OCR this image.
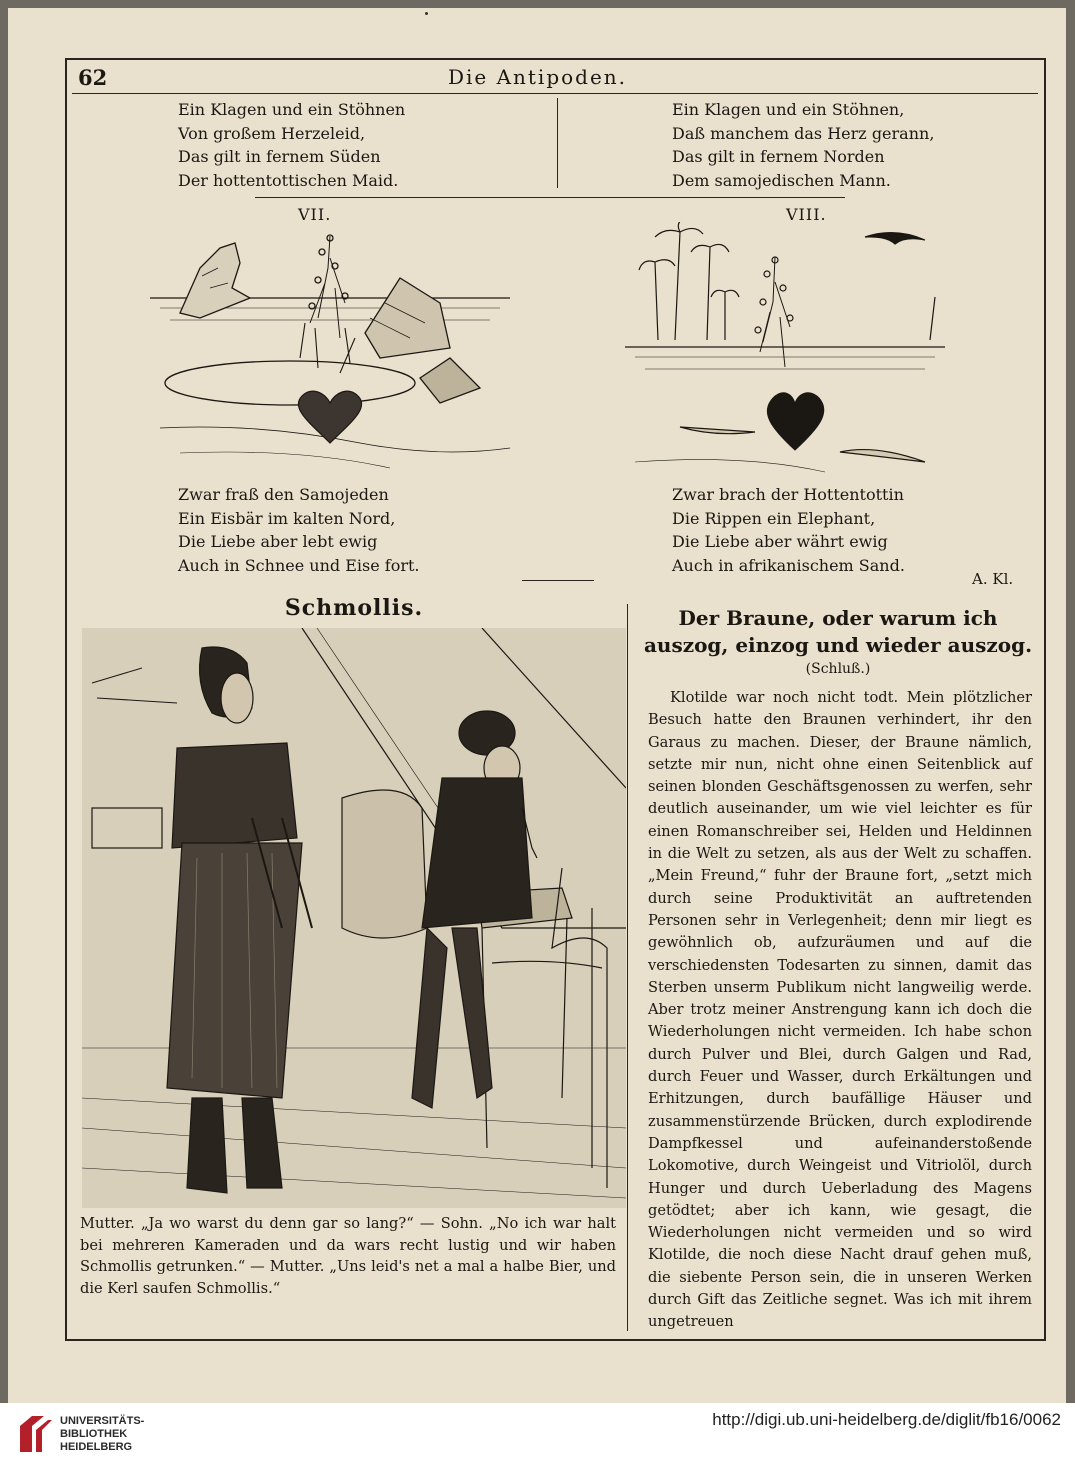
62	Die Antipoden.
Ein Klagen und ein Stöhnen
Von großem Herzeleid,
Das gilt in fernem Süden
Der hottentottischen Maid.
Ein Klagen und ein Stöhnen,
Daß manchem das Herz gerann,
Das gilt in fernem Norden
Dem samojedischen Mann.
VII.	VIII.
Zwar fraß den Samojeden
Ein Eisbär im kalten Nord,
Die Liebe aber lebt ewig
Auch in Schnee und Eise fort.
Zwar brach der Hottentottin
Die Rippen ein Elephant,
Die Liebe aber währt ewig
Auch in afrikanischem Sand.
A. Kl.
Schmollis.
Mutter. „Ja wo warst du denn gar so lang?“ — Sohn. „No ich war halt bei mehreren Kameraden und da wars recht lustig und wir haben Schmollis getrunken.“ — Mutter. „Uns leid's net a mal a halbe Bier, und die Kerl saufen Schmollis.“
Der Braune, oder warum ich auszog, einzog und wieder auszog.
(Schluß.)

Klotilde war noch nicht todt. Mein plötzlicher Besuch hatte den Braunen verhindert, ihr den Garaus zu machen. Dieser, der Braune nämlich, setzte mir nun, nicht ohne einen Seitenblick auf seinen blonden Geschäftsgenossen zu werfen, sehr deutlich auseinander, um wie viel leichter es für einen Romanschreiber sei, Helden und Heldinnen in die Welt zu setzen, als aus der Welt zu schaffen. „Mein Freund,“ fuhr der Braune fort, „setzt mich durch seine Produktivität an auftretenden Personen sehr in Verlegenheit; denn mir liegt es gewöhnlich ob, aufzuräumen und auf die verschiedensten Todesarten zu sinnen, damit das Sterben unserm Publikum nicht langweilig werde. Aber trotz meiner Anstrengung kann ich doch die Wiederholungen nicht vermeiden. Ich habe schon durch Pulver und Blei, durch Galgen und Rad, durch Feuer und Wasser, durch Erkältungen und Erhitzungen, durch baufällige Häuser und zusammenstürzende Brücken, durch explodirende Dampfkessel und aufeinanderstoßende Lokomotive, durch Weingeist und Vitriolöl, durch Hunger und durch Ueberladung des Magens getödtet; aber ich kann, wie gesagt, die Wiederholungen nicht vermeiden und so wird Klotilde, die noch diese Nacht drauf gehen muß, die siebente Person sein, die in unseren Werken durch Gift das Zeitliche segnet. Was ich mit ihrem ungetreuen

UNIVERSITÄTS-
BIBLIOTHEK
HEIDELBERG
http://digi.ub.uni-heidelberg.de/diglit/fb16/0062
